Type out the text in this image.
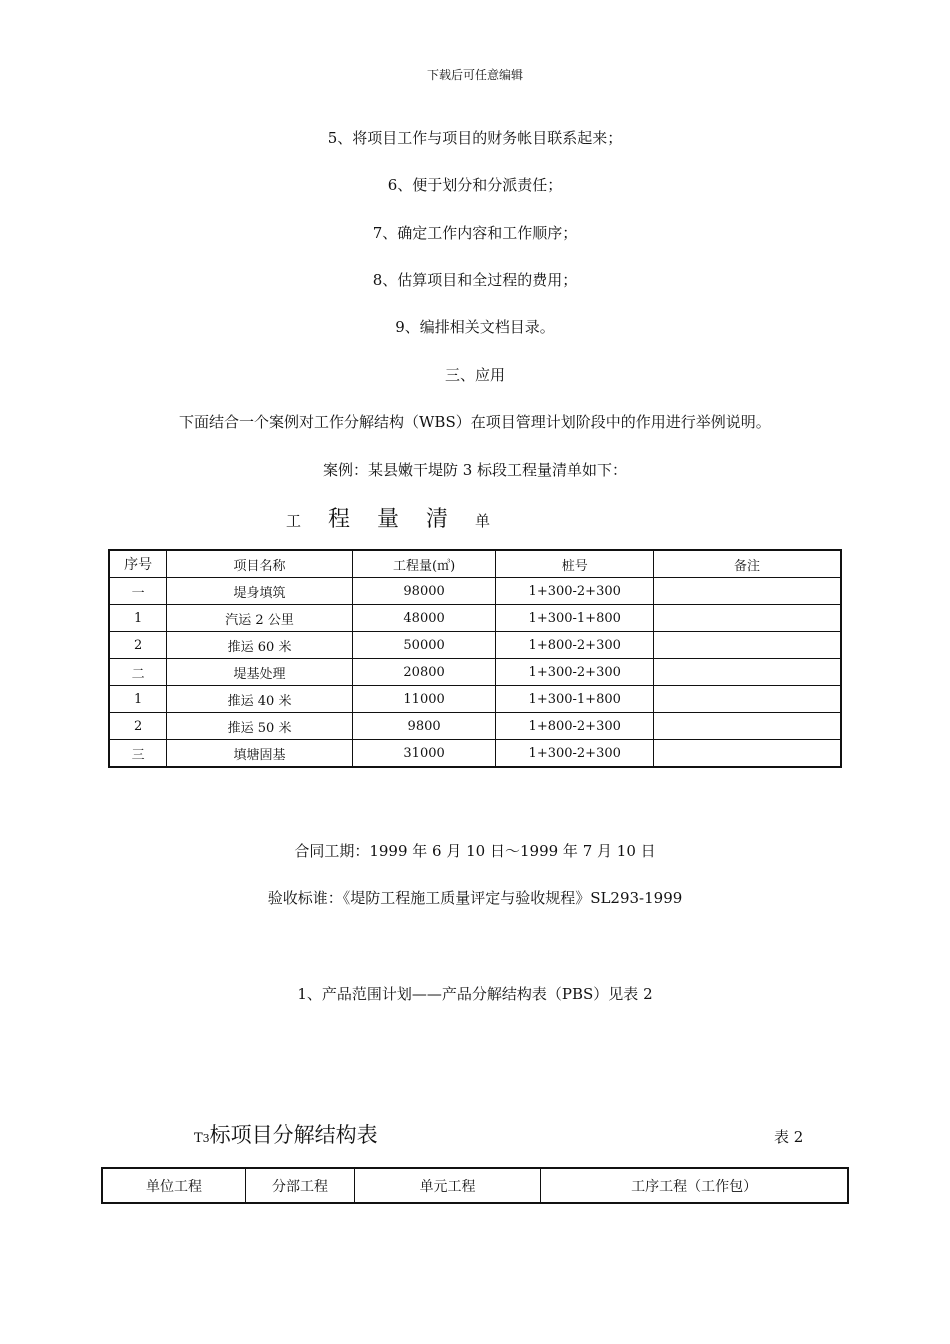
下载后可任意编辑
5、将项目工作与项目的财务帐目联系起来；
6、便于划分和分派责任；
7、确定工作内容和工作顺序；
8、估算项目和全过程的费用；
9、编排相关文档目录。
三、应用
下面结合一个案例对工作分解结构（WBS）在项目管理计划阶段中的作用进行举例说明。
案例：某县嫩干堤防 3 标段工程量清单如下：
工 程 量 清 单
序号	项目名称	工程量(㎥)	桩号	备注
一	堤身填筑	98000	1+300-2+300	
1	汽运 2 公里	48000	1+300-1+800	
2	推运 60 米	50000	1+800-2+300	
二	堤基处理	20800	1+300-2+300	
1	推运 40 米	11000	1+300-1+800	
2	推运 50 米	9800	1+800-2+300	
三	填塘固基	31000	1+300-2+300	
合同工期：1999 年 6 月 10 日～1999 年 7 月 10 日
验收标谁：《堤防工程施工质量评定与验收规程》SL293-1999
1、产品范围计划——产品分解结构表（PBS）见表 2
T3标项目分解结构表	表 2
单位工程	分部工程	单元工程	工序工程（工作包）
